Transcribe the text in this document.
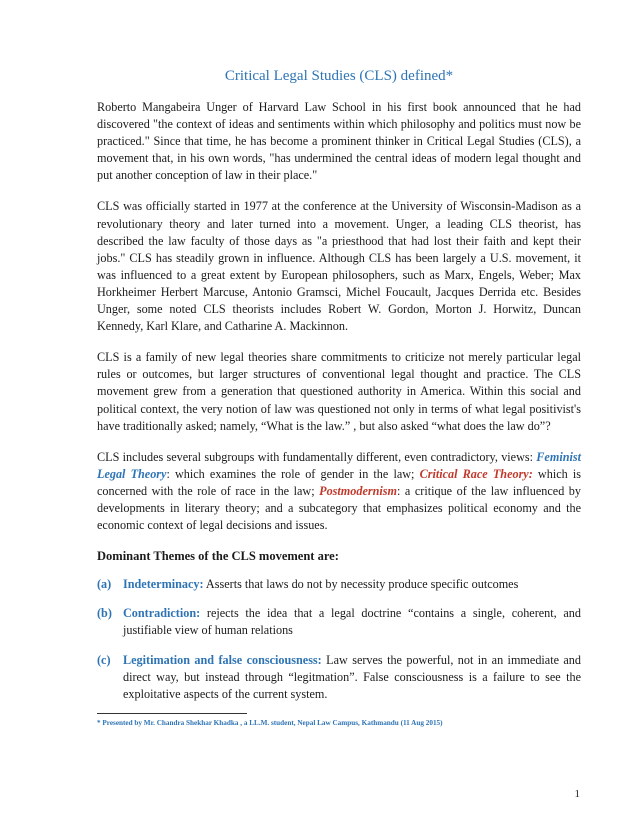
Critical Legal Studies (CLS) defined*

Roberto Mangabeira Unger of Harvard Law School in his first book announced that he had discovered "the context of ideas and sentiments within which philosophy and politics must now be practiced." Since that time, he has become a prominent thinker in Critical Legal Studies (CLS), a movement that, in his own words, "has undermined the central ideas of modern legal thought and put another conception of law in their place."

CLS was officially started in 1977 at the conference at the University of Wisconsin-Madison as a revolutionary theory and later turned into a movement. Unger, a leading CLS theorist, has described the law faculty of those days as "a priesthood that had lost their faith and kept their jobs." CLS has steadily grown in influence. Although CLS has been largely a U.S. movement, it was influenced to a great extent by European philosophers, such as Marx, Engels, Weber; Max Horkheimer Herbert Marcuse, Antonio Gramsci, Michel Foucault, Jacques Derrida etc. Besides Unger, some noted CLS theorists includes Robert W. Gordon, Morton J. Horwitz, Duncan Kennedy, Karl Klare, and Catharine A. Mackinnon.

CLS is a family of new legal theories share commitments to criticize not merely particular legal rules or outcomes, but larger structures of conventional legal thought and practice. The CLS movement grew from a generation that questioned authority in America. Within this social and political context, the very notion of law was questioned not only in terms of what legal positivist's have traditionally asked; namely, “What is the law.” , but also asked “what does the law do”?

CLS includes several subgroups with fundamentally different, even contradictory, views: Feminist Legal Theory: which examines the role of gender in the law; Critical Race Theory: which is concerned with the role of race in the law; Postmodernism: a critique of the law influenced by developments in literary theory; and a subcategory that emphasizes political economy and the economic context of legal decisions and issues.

Dominant Themes of the CLS movement are:
(a) Indeterminacy: Asserts that laws do not by necessity produce specific outcomes
(b) Contradiction: rejects the idea that a legal doctrine “contains a single, coherent, and justifiable view of human relations
(c)	Legitimation and false consciousness: Law serves the powerful, not in an immediate and direct way, but instead through “legitmation”. False consciousness is a failure to see the exploitative aspects of the current system.
* Presented by Mr. Chandra Shekhar Khadka , a LL.M. student, Nepal Law Campus, Kathmandu (11 Aug 2015)
1
